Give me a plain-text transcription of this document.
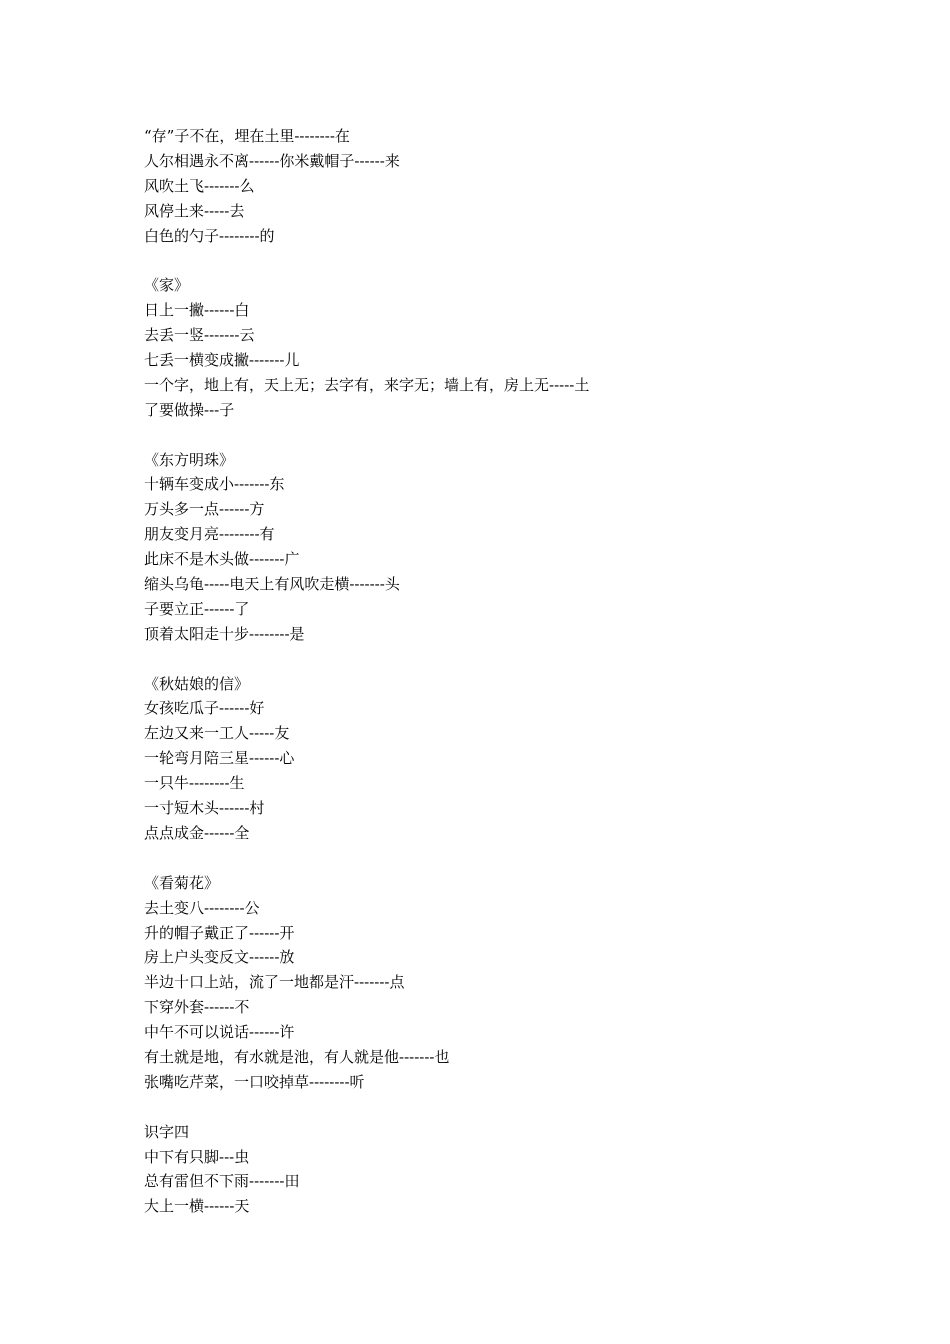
“存”子不在，埋在土里--------在
人尔相遇永不离------你米戴帽子------来
风吹土飞-------么
风停土来-----去
白色的勺子--------的
《家》
日上一撇------白
去丢一竖-------云
七丢一横变成撇-------儿
一个字，地上有，天上无；去字有，来字无；墙上有，房上无-----土
了要做操---子
《东方明珠》
十辆车变成小-------东
万头多一点------方
朋友变月亮--------有
此床不是木头做-------广
缩头乌龟-----电天上有风吹走横-------头
子要立正------了
顶着太阳走十步--------是
《秋姑娘的信》
女孩吃瓜子------好
左边又来一工人-----友
一轮弯月陪三星------心
一只牛--------生
一寸短木头------村
点点成金------全
《看菊花》
去土变八--------公
升的帽子戴正了------开
房上户头变反文------放
半边十口上站，流了一地都是汗-------点
下穿外套------不
中午不可以说话------许
有土就是地，有水就是池，有人就是他-------也
张嘴吃芹菜，一口咬掉草--------听
识字四
中下有只脚---虫
总有雷但不下雨-------田
大上一横------天
